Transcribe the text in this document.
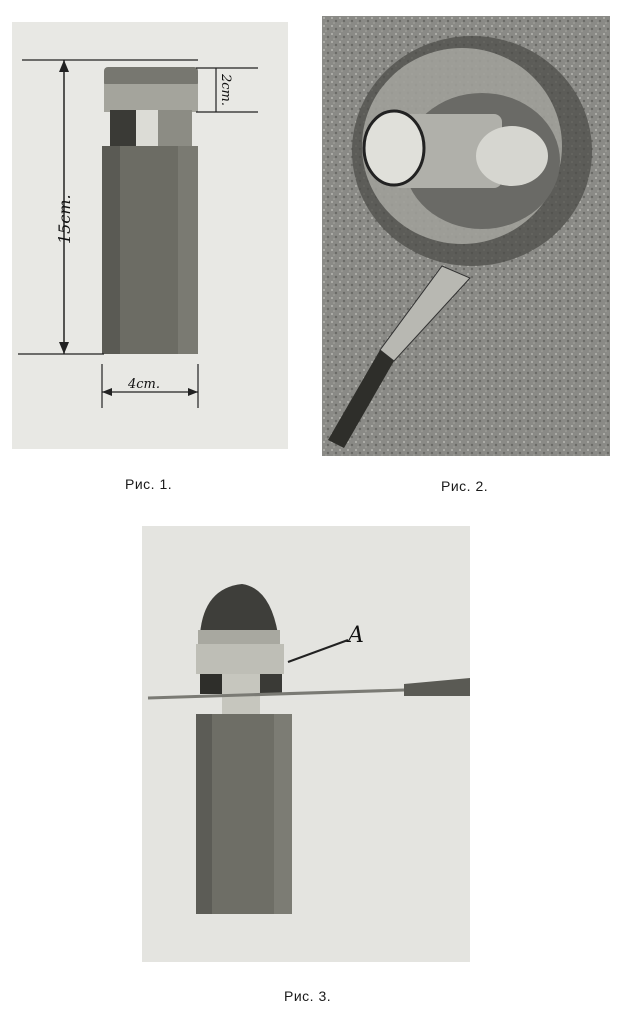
15cm.
2cm.
4cm.
Рис. 1.	Рис. 2.
A
Рис. 3.
